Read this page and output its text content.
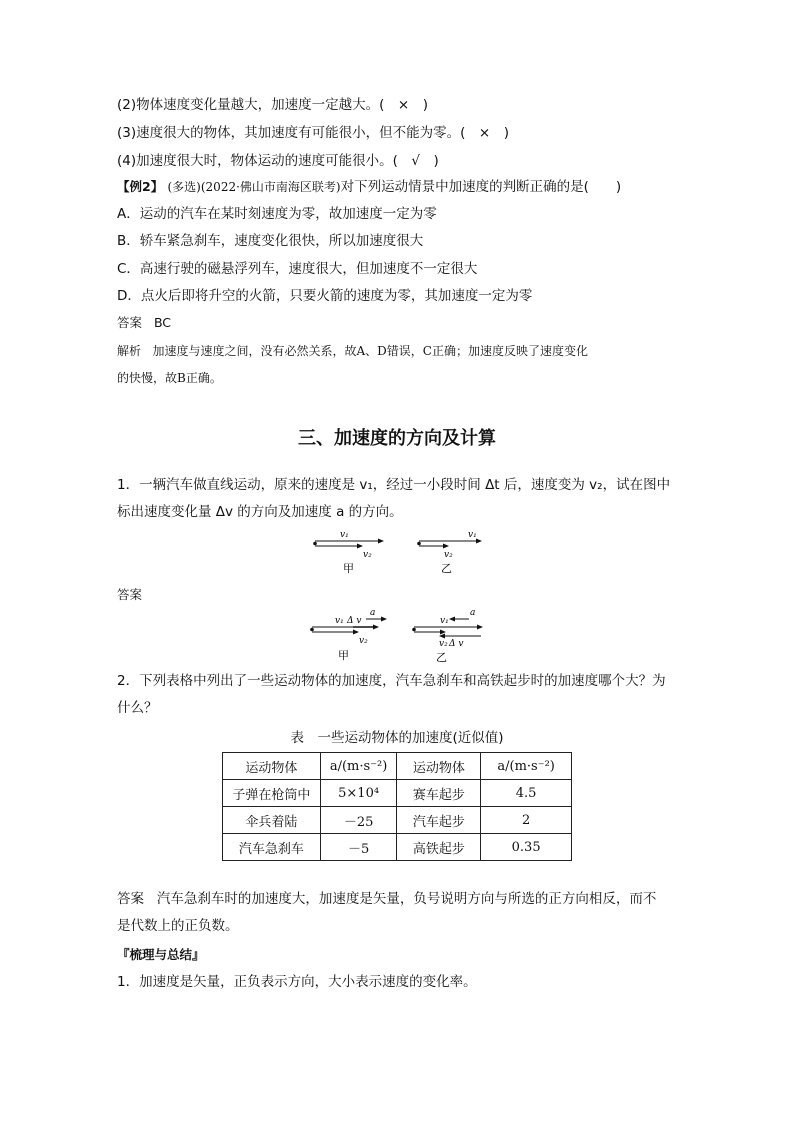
(2)物体速度变化量越大，加速度一定越大。(　×　)
(3)速度很大的物体，其加速度有可能很小，但不能为零。(　×　)
(4)加速度很大时，物体运动的速度可能很小。(　√　)
【例2】 (多选)(2022·佛山市南海区联考)对下列运动情景中加速度的判断正确的是(　　)
A．运动的汽车在某时刻速度为零，故加速度一定为零
B．轿车紧急刹车，速度变化很快，所以加速度很大
C．高速行驶的磁悬浮列车，速度很大，但加速度不一定很大
D．点火后即将升空的火箭，只要火箭的速度为零，其加速度一定为零
答案 BC
解析 加速度与速度之间，没有必然关系，故A、D错误，C正确；加速度反映了速度变化
的快慢，故B正确。
三、加速度的方向及计算
1．一辆汽车做直线运动，原来的速度是 v₁，经过一小段时间 Δt 后，速度变为 v₂，试在图中
标出速度变化量 Δv 的方向及加速度 a 的方向。
v₁
v₂
甲
v₁
v₂
乙
答案
v₁ Δ v
a
v₂
甲
v₁
a
v₂ Δ v
乙
2．下列表格中列出了一些运动物体的加速度，汽车急刹车和高铁起步时的加速度哪个大？为
什么？
表　一些运动物体的加速度(近似值)
运动物体	a/(m·s⁻²)	运动物体	a/(m·s⁻²)
子弹在枪筒中	5×10⁴	赛车起步	4.5
伞兵着陆	－25	汽车起步	2
汽车急刹车	－5	高铁起步	0.35
答案 汽车急刹车时的加速度大，加速度是矢量，负号说明方向与所选的正方向相反，而不
是代数上的正负数。
『梳理与总结』
1．加速度是矢量，正负表示方向，大小表示速度的变化率。
